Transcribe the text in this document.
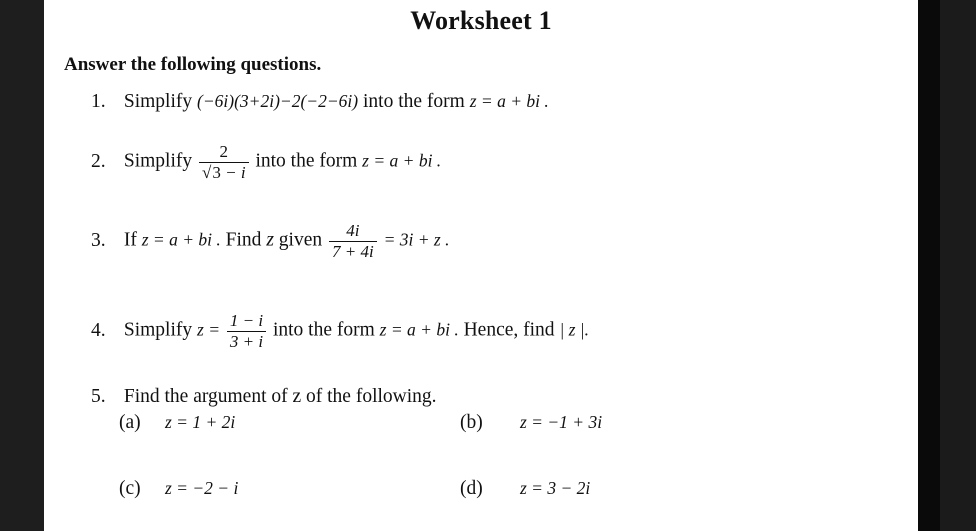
Worksheet 1
Answer the following questions.
1. Simplify (−6i)(3+2i)−2(−2−6i) into the form z = a + bi .
2. Simplify $\frac{2}{√3 - i}$ into the form z = a + bi .
3. If z = a + bi . Find z given $\frac{4i}{7 + 4i} = 3i + z$ .
4. Simplify $z = \frac{1 - i}{3 + i}$ into the form z = a + bi . Hence, find | z |.
5. Find the argument of z of the following.
(a) z = 1 + 2i	(b) z = −1 + 3i
(c) z = −2 − i	(d) z = 3 − 2i
